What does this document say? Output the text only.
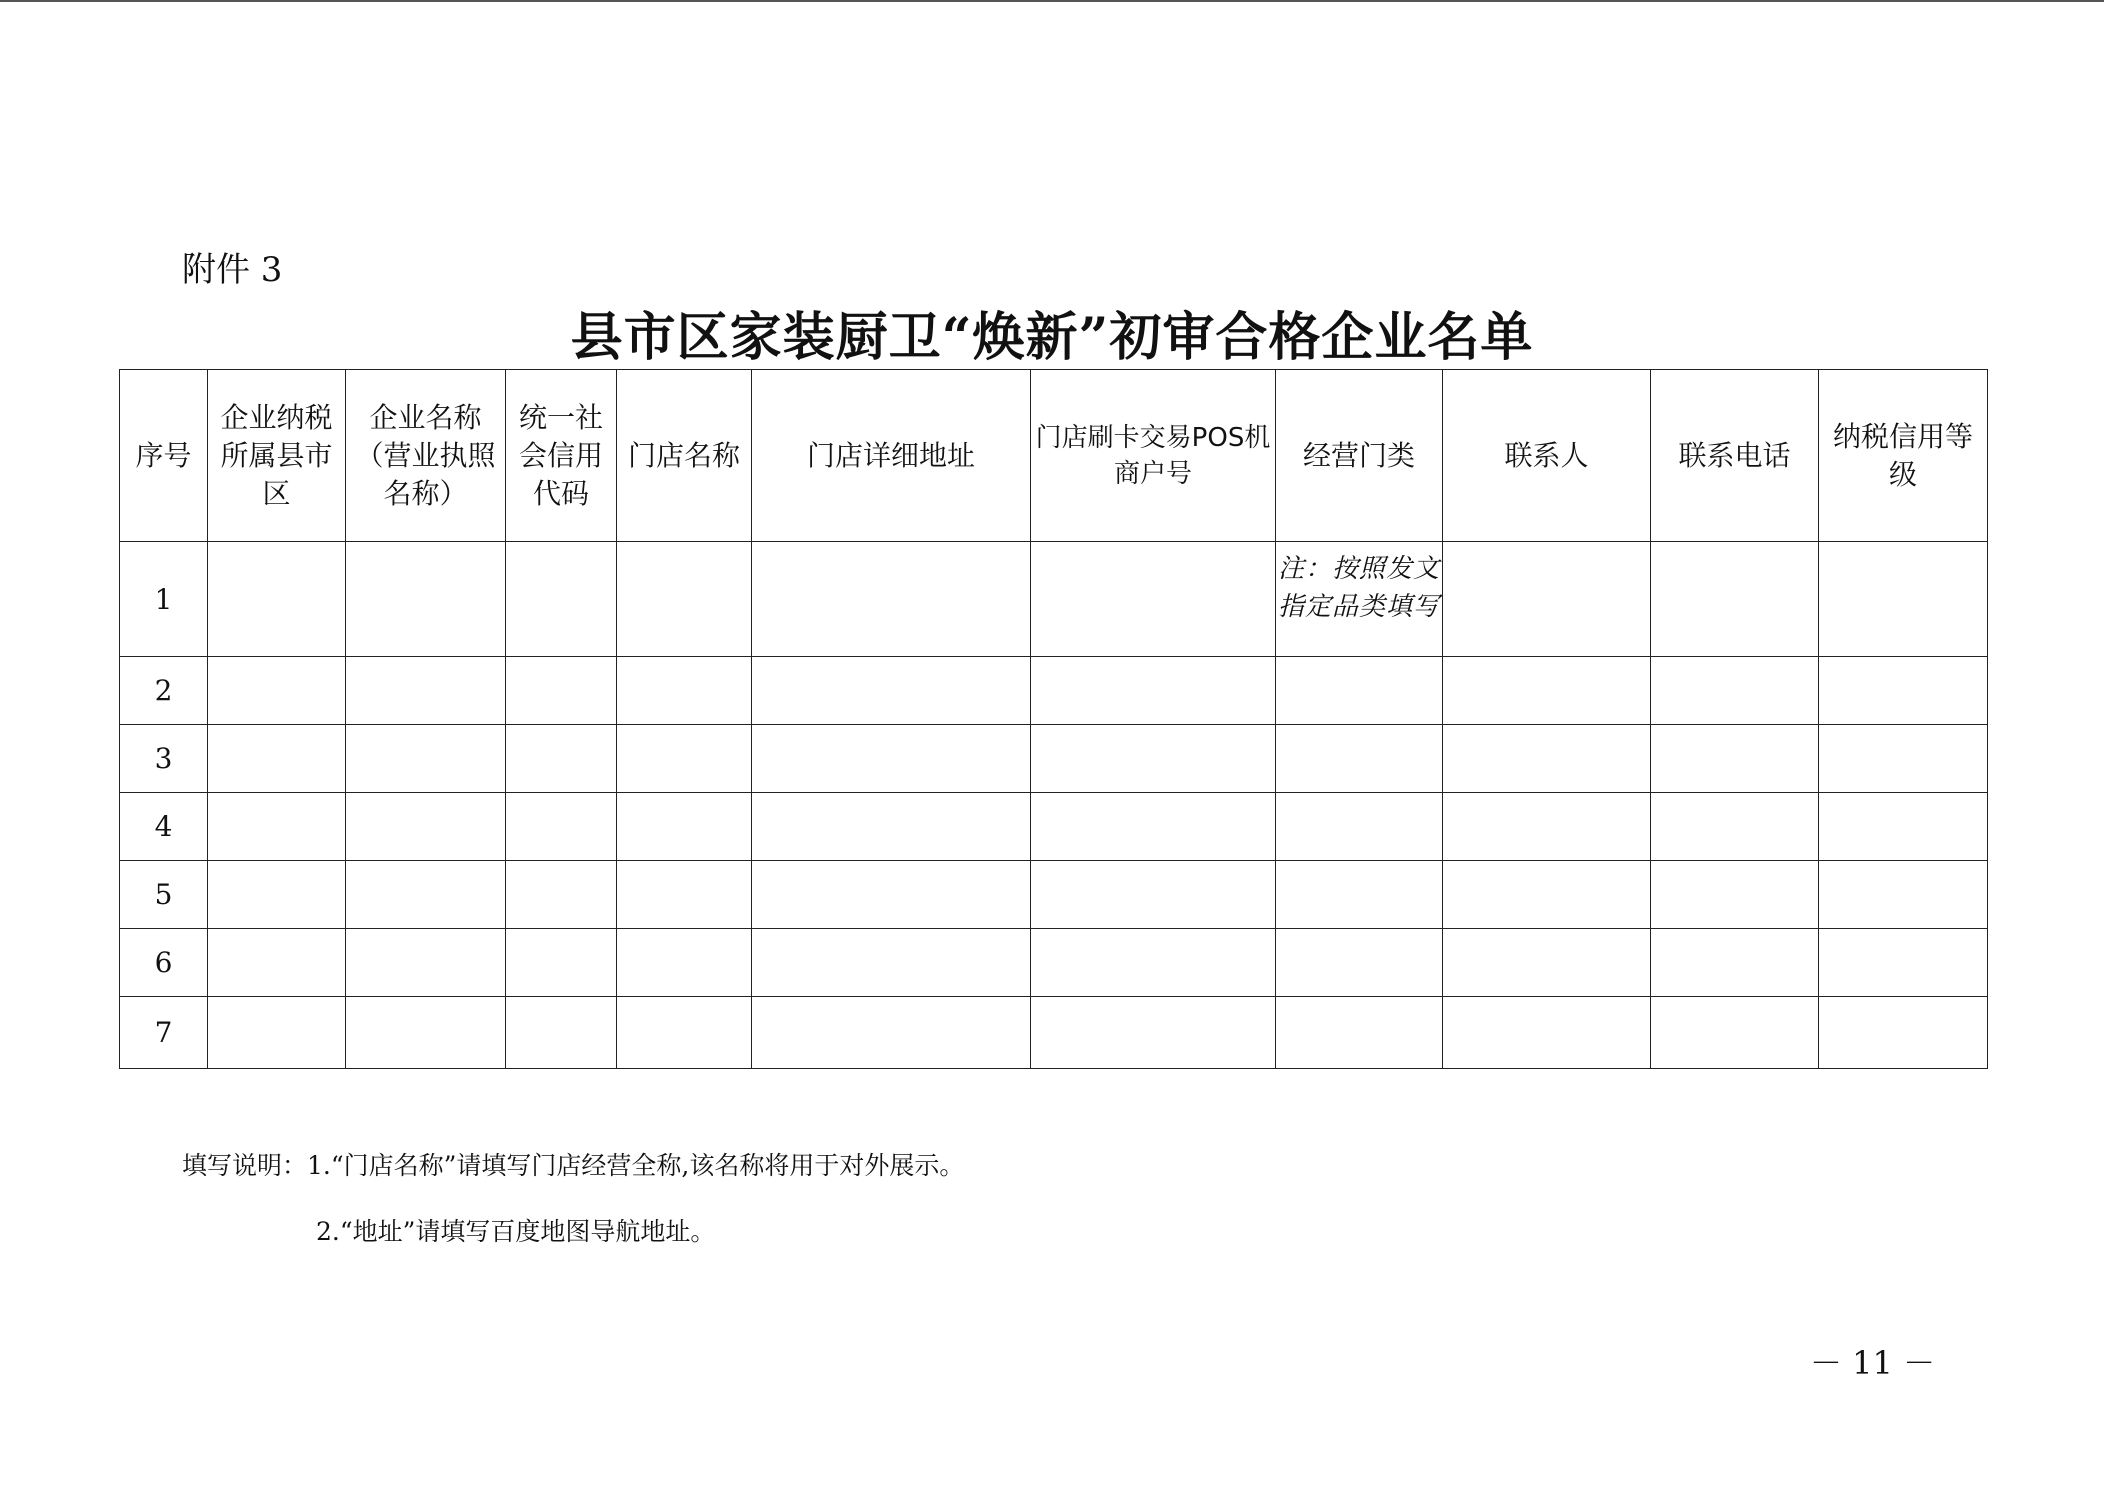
附件 3
县市区家装厨卫“焕新”初审合格企业名单
序号	企业纳税所属县市区	企业名称（营业执照名称）	统一社会信用代码	门店名称	门店详细地址	门店刷卡交易POS机商户号	经营门类	联系人	联系电话	纳税信用等级

1							注：按照发文指定品类填写			

2										
3										
4										
5										
6										
7										
填写说明：1.“门店名称”请填写门店经营全称,该名称将用于对外展示。
2.“地址”请填写百度地图导航地址。
－ 11 －
